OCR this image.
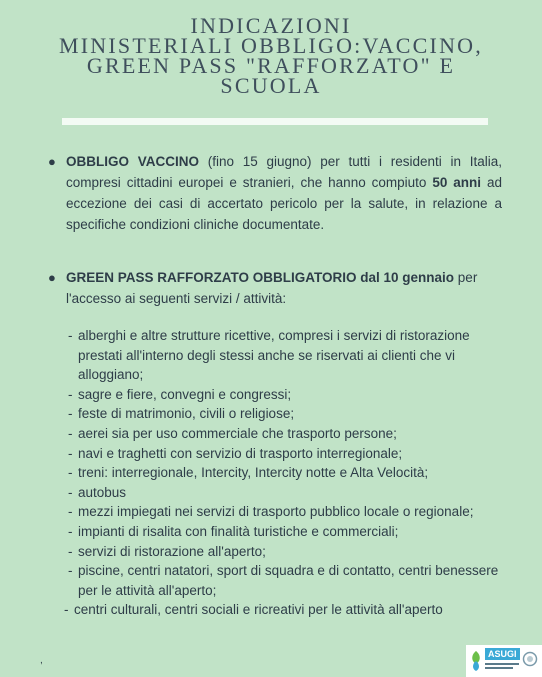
INDICAZIONI
MINISTERIALI OBBLIGO:VACCINO,
GREEN PASS "RAFFORZATO" E
SCUOLA
● OBBLIGO VACCINO (fino 15 giugno) per tutti i residenti in Italia, compresi cittadini europei e stranieri, che hanno compiuto 50 anni ad eccezione dei casi di accertato pericolo per la salute, in relazione a specifiche condizioni cliniche documentate.
● GREEN PASS RAFFORZATO OBBLIGATORIO dal 10 gennaio per l'accesso ai seguenti servizi / attività:
- alberghi e altre strutture ricettive, compresi i servizi di ristorazione prestati all'interno degli stessi anche se riservati ai clienti che vi alloggiano;
- sagre e fiere, convegni e congressi;
- feste di matrimonio, civili o religiose;
- aerei sia per uso commerciale che trasporto persone;
- navi e traghetti con servizio di trasporto interregionale;
- treni: interregionale, Intercity, Intercity notte e Alta Velocità;
- autobus
- mezzi impiegati nei servizi di trasporto pubblico locale o regionale;
- impianti di risalita con finalità turistiche e commerciali;
- servizi di ristorazione all'aperto;
- piscine, centri natatori, sport di squadra e di contatto, centri benessere per le attività all'aperto;
- centri culturali, centri sociali e ricreativi per le attività all'aperto
,
ASUGI
